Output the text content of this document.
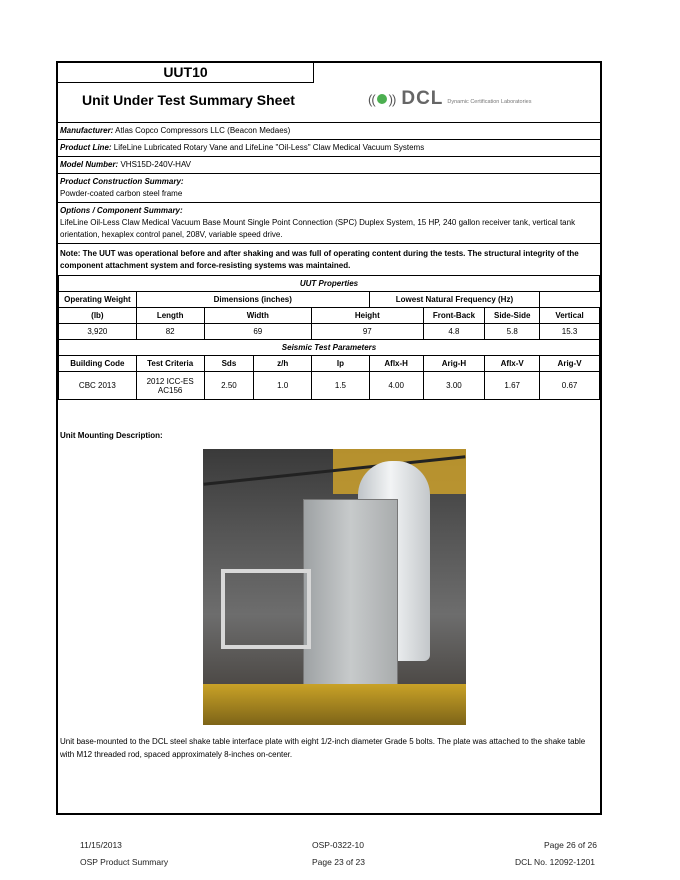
UUT10
Unit Under Test Summary Sheet	(( )) DCL Dynamic Certification Laboratories
Manufacturer: Atlas Copco Compressors LLC (Beacon Medaes)
Product Line: LifeLine Lubricated Rotary Vane and LifeLine "Oil-Less" Claw Medical Vacuum Systems
Model Number: VHS15D-240V-HAV
Product Construction Summary:
Powder-coated carbon steel frame
Options / Component Summary:
LifeLine Oil-Less Claw Medical Vacuum Base Mount Single Point Connection (SPC) Duplex System, 15 HP, 240 gallon receiver tank, vertical tank orientation, hexaplex control panel, 208V, variable speed drive.
Note: The UUT was operational before and after shaking and was full of operating content during the tests. The structural integrity of the component attachment system and force-resisting systems was maintained.
UUT Properties								
Operating Weight	Dimensions (inches)				Lowest Natural Frequency (Hz)			
(lb)	Length	Width		Height		Front-Back	Side-Side	Vertical
3,920	82	69		97		4.8	5.8	15.3
Seismic Test Parameters								
Building Code	Test Criteria	Sds	z/h	Ip	Aflx-H	Arig-H	Aflx-V	Arig-V
CBC 2013	2012 ICC-ES
AC156	2.50	1.0	1.5	4.00	3.00	1.67	0.67
Unit Mounting Description:
Unit base-mounted to the DCL steel shake table interface plate with eight 1/2-inch diameter Grade 5 bolts. The plate was attached to the shake table with M12 threaded rod, spaced approximately 8-inches on-center.
11/15/2013	OSP-0322-10	Page 26 of 26
OSP Product Summary	Page 23 of 23	DCL No. 12092-1201
